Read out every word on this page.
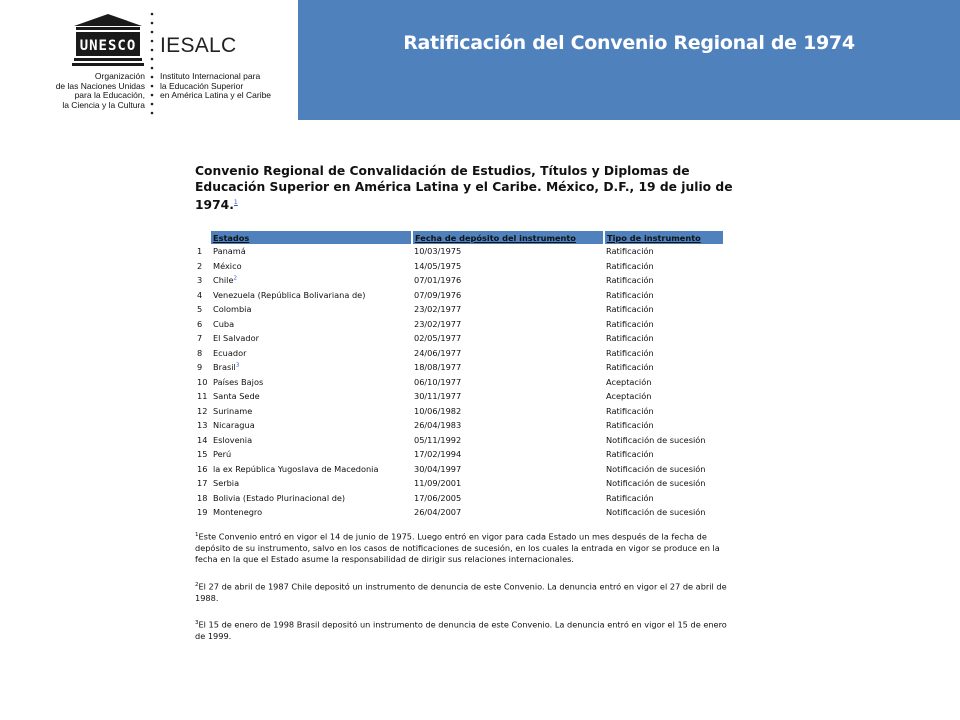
UNESCO IESALC
Organización
de las Naciones Unidas
para la Educación,
la Ciencia y la Cultura
Instituto Internacional para
la Educación Superior
en América Latina y el Caribe
Ratificación del Convenio Regional de 1974

Convenio Regional de Convalidación de Estudios, Títulos y Diplomas de Educación Superior en América Latina y el Caribe. México, D.F., 19 de julio de 1974.$^1$

	Estados	Fecha de depósito del instrumento	Tipo de instrumento
1	Panamá	10/03/1975	Ratificación
2	México	14/05/1975	Ratificación
3	Chile$^2$	07/01/1976	Ratificación
4	Venezuela (República Bolivariana de)	07/09/1976	Ratificación
5	Colombia	23/02/1977	Ratificación
6	Cuba	23/02/1977	Ratificación
7	El Salvador	02/05/1977	Ratificación
8	Ecuador	24/06/1977	Ratificación
9	Brasil$^3$	18/08/1977	Ratificación
10	Países Bajos	06/10/1977	Aceptación
11	Santa Sede	30/11/1977	Aceptación
12	Suriname	10/06/1982	Ratificación
13	Nicaragua	26/04/1983	Ratificación
14	Eslovenia	05/11/1992	Notificación de sucesión
15	Perú	17/02/1994	Ratificación
16	la ex República Yugoslava de Macedonia	30/04/1997	Notificación de sucesión
17	Serbia	11/09/2001	Notificación de sucesión
18	Bolivia (Estado Plurinacional de)	17/06/2005	Ratificación
19	Montenegro	26/04/2007	Notificación de sucesión

$^1$Este Convenio entró en vigor el 14 de junio de 1975. Luego entró en vigor para cada Estado un mes después de la fecha de depósito de su instrumento, salvo en los casos de notificaciones de sucesión, en los cuales la entrada en vigor se produce en la fecha en la que el Estado asume la responsabilidad de dirigir sus relaciones internacionales.

$^2$El 27 de abril de 1987 Chile depositó un instrumento de denuncia de este Convenio. La denuncia entró en vigor el 27 de abril de 1988.

$^3$El 15 de enero de 1998 Brasil depositó un instrumento de denuncia de este Convenio. La denuncia entró en vigor el 15 de enero de 1999.
